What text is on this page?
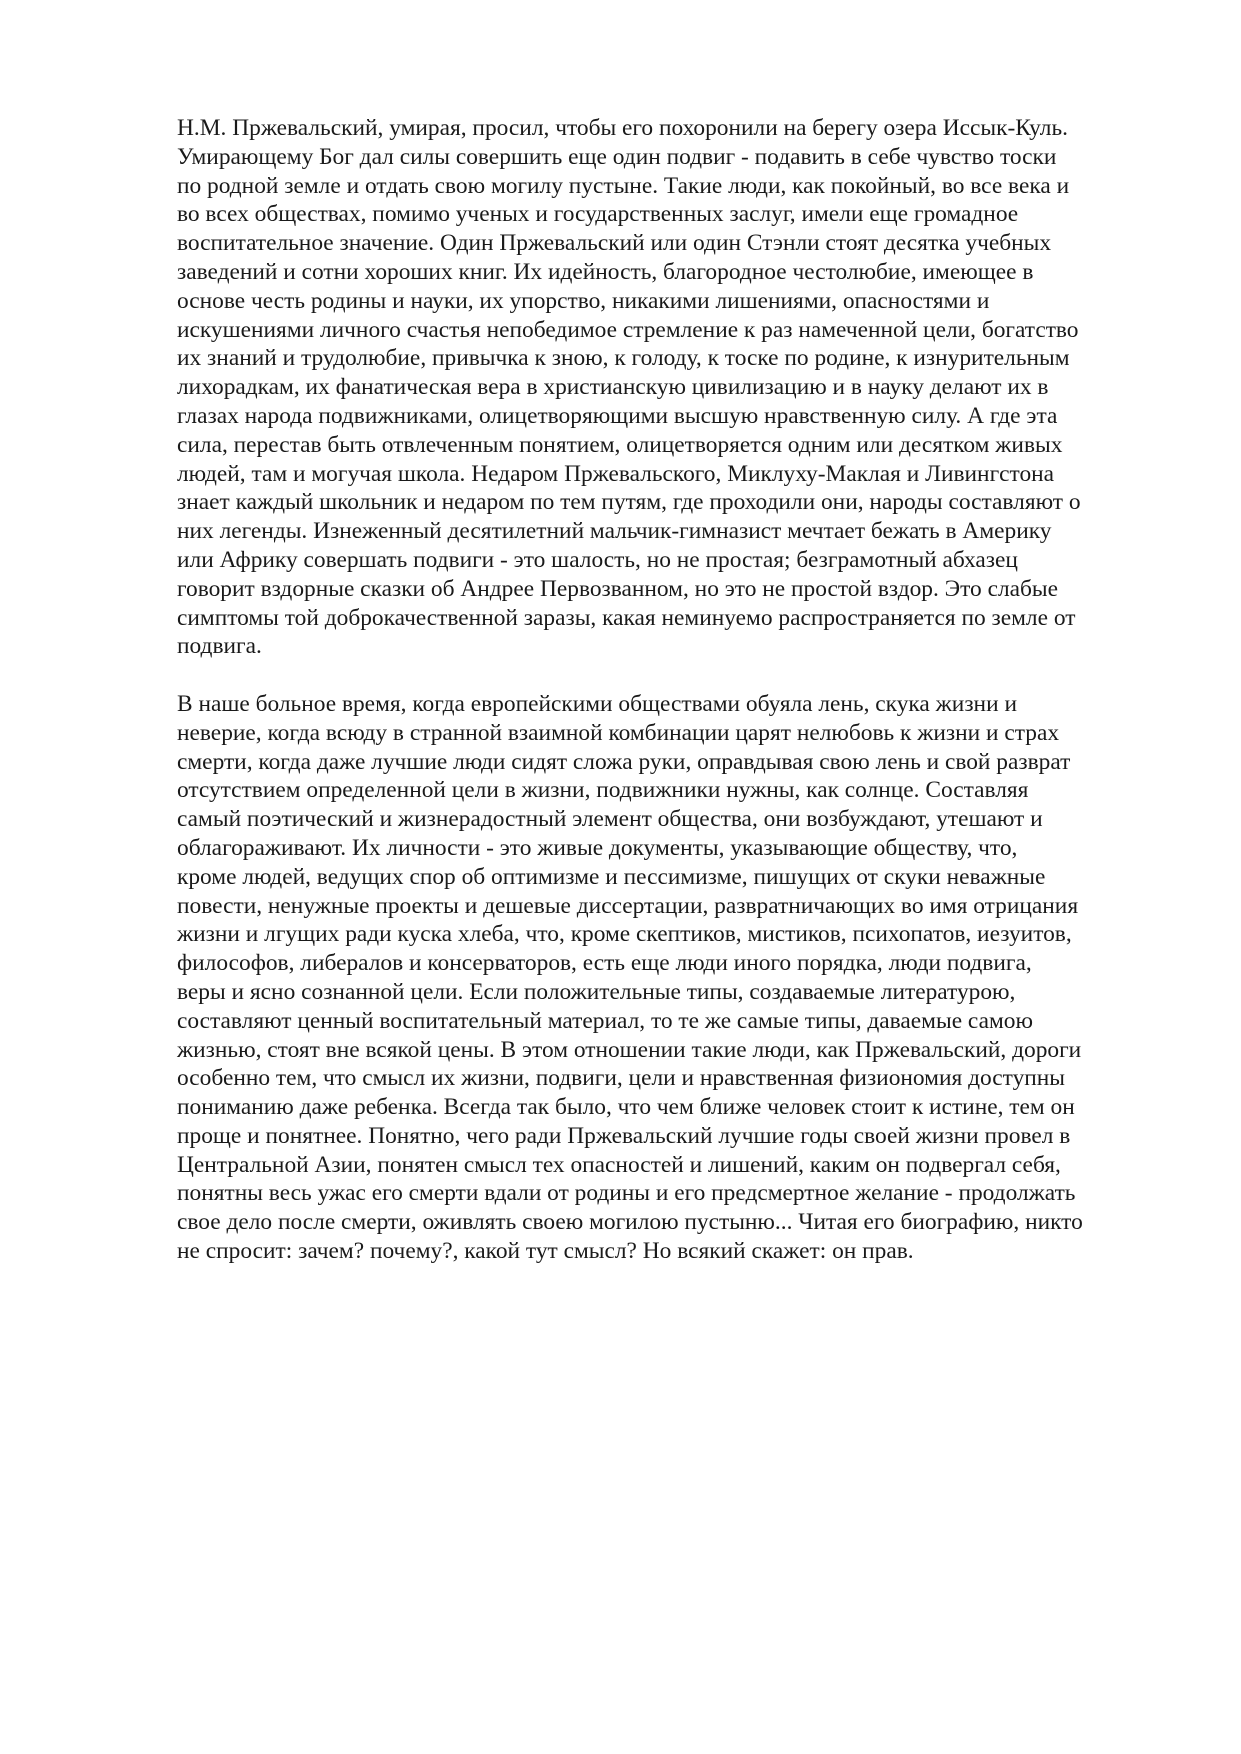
Н.М. Пржевальский, умирая, просил, чтобы его похоронили на берегу озера Иссык-Куль.
Умирающему Бог дал силы совершить еще один подвиг - подавить в себе чувство тоски
по родной земле и отдать свою могилу пустыне. Такие люди, как покойный, во все века и
во всех обществах, помимо ученых и государственных заслуг, имели еще громадное
воспитательное значение. Один Пржевальский или один Стэнли стоят десятка учебных
заведений и сотни хороших книг. Их идейность, благородное честолюбие, имеющее в
основе честь родины и науки, их упорство, никакими лишениями, опасностями и
искушениями личного счастья непобедимое стремление к раз намеченной цели, богатство
их знаний и трудолюбие, привычка к зною, к голоду, к тоске по родине, к изнурительным
лихорадкам, их фанатическая вера в христианскую цивилизацию и в науку делают их в
глазах народа подвижниками, олицетворяющими высшую нравственную силу. А где эта
сила, перестав быть отвлеченным понятием, олицетворяется одним или десятком живых
людей, там и могучая школа. Недаром Пржевальского, Миклуху-Маклая и Ливингстона
знает каждый школьник и недаром по тем путям, где проходили они, народы составляют о
них легенды. Изнеженный десятилетний мальчик-гимназист мечтает бежать в Америку
или Африку совершать подвиги - это шалость, но не простая; безграмотный абхазец
говорит вздорные сказки об Андрее Первозванном, но это не простой вздор. Это слабые
симптомы той доброкачественной заразы, какая неминуемо распространяется по земле от
подвига.
В наше больное время, когда европейскими обществами обуяла лень, скука жизни и
неверие, когда всюду в странной взаимной комбинации царят нелюбовь к жизни и страх
смерти, когда даже лучшие люди сидят сложа руки, оправдывая свою лень и свой разврат
отсутствием определенной цели в жизни, подвижники нужны, как солнце. Составляя
самый поэтический и жизнерадостный элемент общества, они возбуждают, утешают и
облагораживают. Их личности - это живые документы, указывающие обществу, что,
кроме людей, ведущих спор об оптимизме и пессимизме, пишущих от скуки неважные
повести, ненужные проекты и дешевые диссертации, развратничающих во имя отрицания
жизни и лгущих ради куска хлеба, что, кроме скептиков, мистиков, психопатов, иезуитов,
философов, либералов и консерваторов, есть еще люди иного порядка, люди подвига,
веры и ясно сознанной цели. Если положительные типы, создаваемые литературою,
составляют ценный воспитательный материал, то те же самые типы, даваемые самою
жизнью, стоят вне всякой цены. В этом отношении такие люди, как Пржевальский, дороги
особенно тем, что смысл их жизни, подвиги, цели и нравственная физиономия доступны
пониманию даже ребенка. Всегда так было, что чем ближе человек стоит к истине, тем он
проще и понятнее. Понятно, чего ради Пржевальский лучшие годы своей жизни провел в
Центральной Азии, понятен смысл тех опасностей и лишений, каким он подвергал себя,
понятны весь ужас его смерти вдали от родины и его предсмертное желание - продолжать
свое дело после смерти, оживлять своею могилою пустыню... Читая его биографию, никто
не спросит: зачем? почему?, какой тут смысл? Но всякий скажет: он прав.
